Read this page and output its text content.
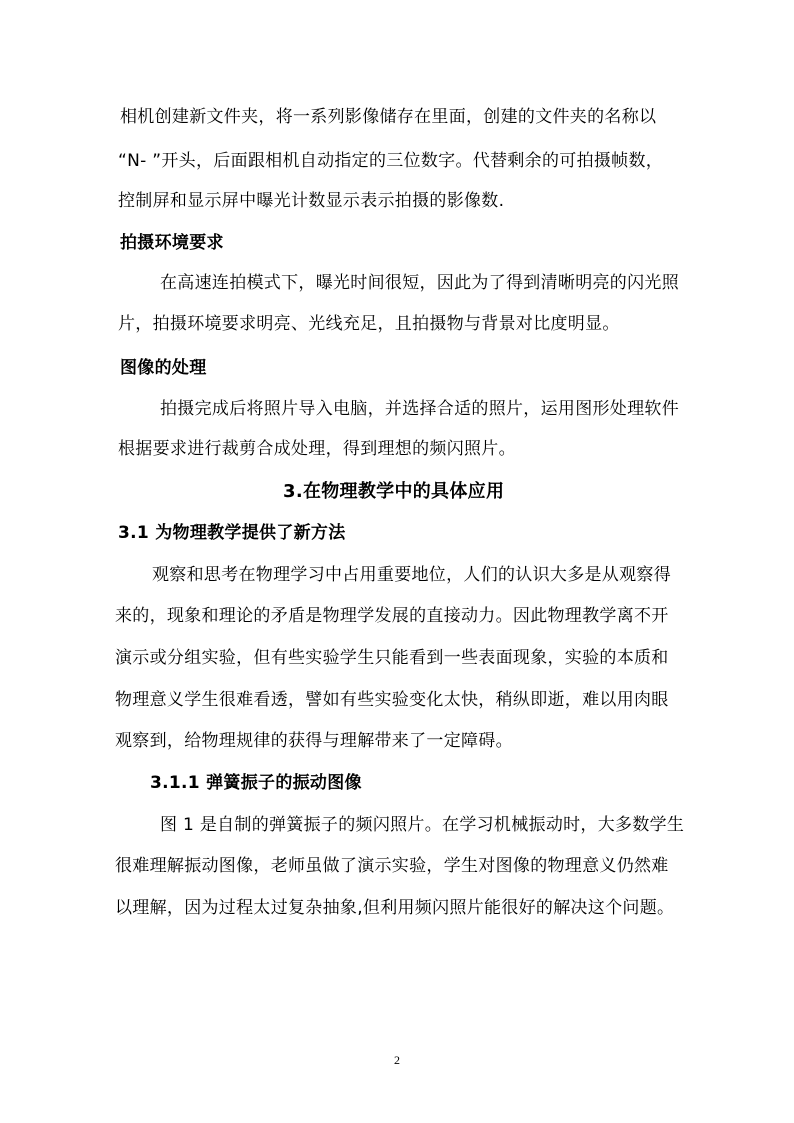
相机创建新文件夹，将一系列影像储存在里面，创建的文件夹的名称以
“N- ”开头，后面跟相机自动指定的三位数字。代替剩余的可拍摄帧数，
控制屏和显示屏中曝光计数显示表示拍摄的影像数.
拍摄环境要求
在高速连拍模式下，曝光时间很短，因此为了得到清晰明亮的闪光照
片，拍摄环境要求明亮、光线充足，且拍摄物与背景对比度明显。
图像的处理
拍摄完成后将照片导入电脑，并选择合适的照片，运用图形处理软件
根据要求进行裁剪合成处理，得到理想的频闪照片。
3.在物理教学中的具体应用
3.1 为物理教学提供了新方法
观察和思考在物理学习中占用重要地位，人们的认识大多是从观察得
来的，现象和理论的矛盾是物理学发展的直接动力。因此物理教学离不开
演示或分组实验，但有些实验学生只能看到一些表面现象，实验的本质和
物理意义学生很难看透，譬如有些实验变化太快，稍纵即逝，难以用肉眼
观察到，给物理规律的获得与理解带来了一定障碍。
3.1.1 弹簧振子的振动图像
图 1 是自制的弹簧振子的频闪照片。在学习机械振动时，大多数学生
很难理解振动图像，老师虽做了演示实验，学生对图像的物理意义仍然难
以理解，因为过程太过复杂抽象,但利用频闪照片能很好的解决这个问题。
2
